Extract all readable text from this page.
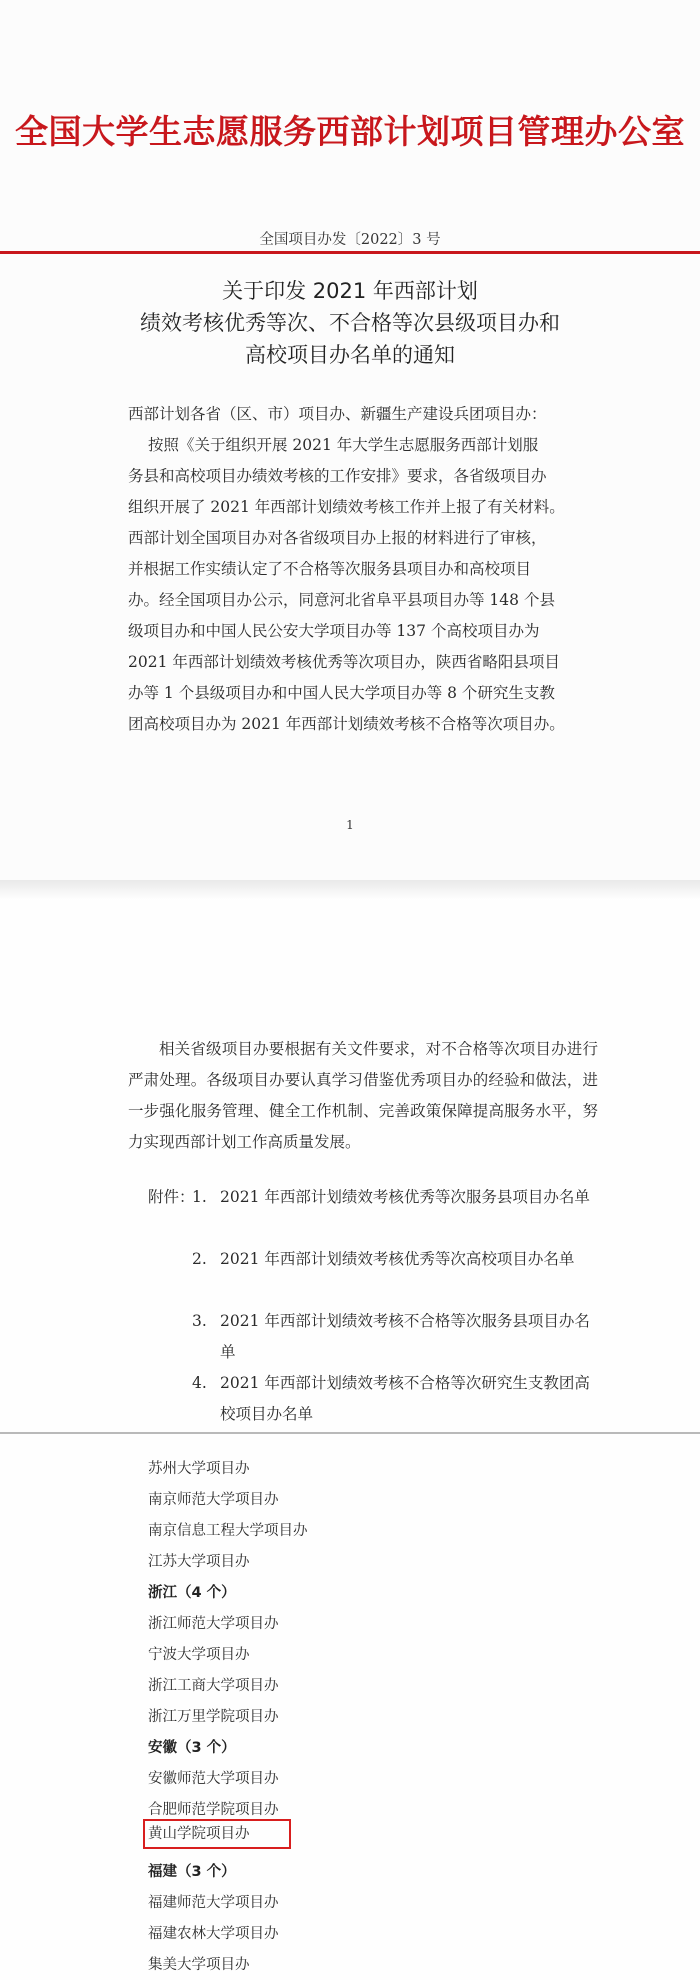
全国大学生志愿服务西部计划项目管理办公室
全国项目办发〔2022〕3 号
关于印发 2021 年西部计划
绩效考核优秀等次、不合格等次县级项目办和
高校项目办名单的通知
西部计划各省（区、市）项目办、新疆生产建设兵团项目办：
按照《关于组织开展 2021 年大学生志愿服务西部计划服
务县和高校项目办绩效考核的工作安排》要求，各省级项目办
组织开展了 2021 年西部计划绩效考核工作并上报了有关材料。
西部计划全国项目办对各省级项目办上报的材料进行了审核，
并根据工作实绩认定了不合格等次服务县项目办和高校项目
办。经全国项目办公示，同意河北省阜平县项目办等 148 个县
级项目办和中国人民公安大学项目办等 137 个高校项目办为
2021 年西部计划绩效考核优秀等次项目办，陕西省略阳县项目
办等 1 个县级项目办和中国人民大学项目办等 8 个研究生支教
团高校项目办为 2021 年西部计划绩效考核不合格等次项目办。
1
相关省级项目办要根据有关文件要求，对不合格等次项目办进行严肃处理。各级项目办要认真学习借鉴优秀项目办的经验和做法，进一步强化服务管理、健全工作机制、完善政策保障提高服务水平，努力实现西部计划工作高质量发展。
附件：
1. 2021 年西部计划绩效考核优秀等次服务县项目办名单
2. 2021 年西部计划绩效考核优秀等次高校项目办名单
3. 2021 年西部计划绩效考核不合格等次服务县项目办名单
4. 2021 年西部计划绩效考核不合格等次研究生支教团高校项目办名单
苏州大学项目办
南京师范大学项目办
南京信息工程大学项目办
江苏大学项目办
浙江（4 个）
浙江师范大学项目办
宁波大学项目办
浙江工商大学项目办
浙江万里学院项目办
安徽（3 个）
安徽师范大学项目办
合肥师范学院项目办
黄山学院项目办
福建（3 个）
福建师范大学项目办
福建农林大学项目办
集美大学项目办
